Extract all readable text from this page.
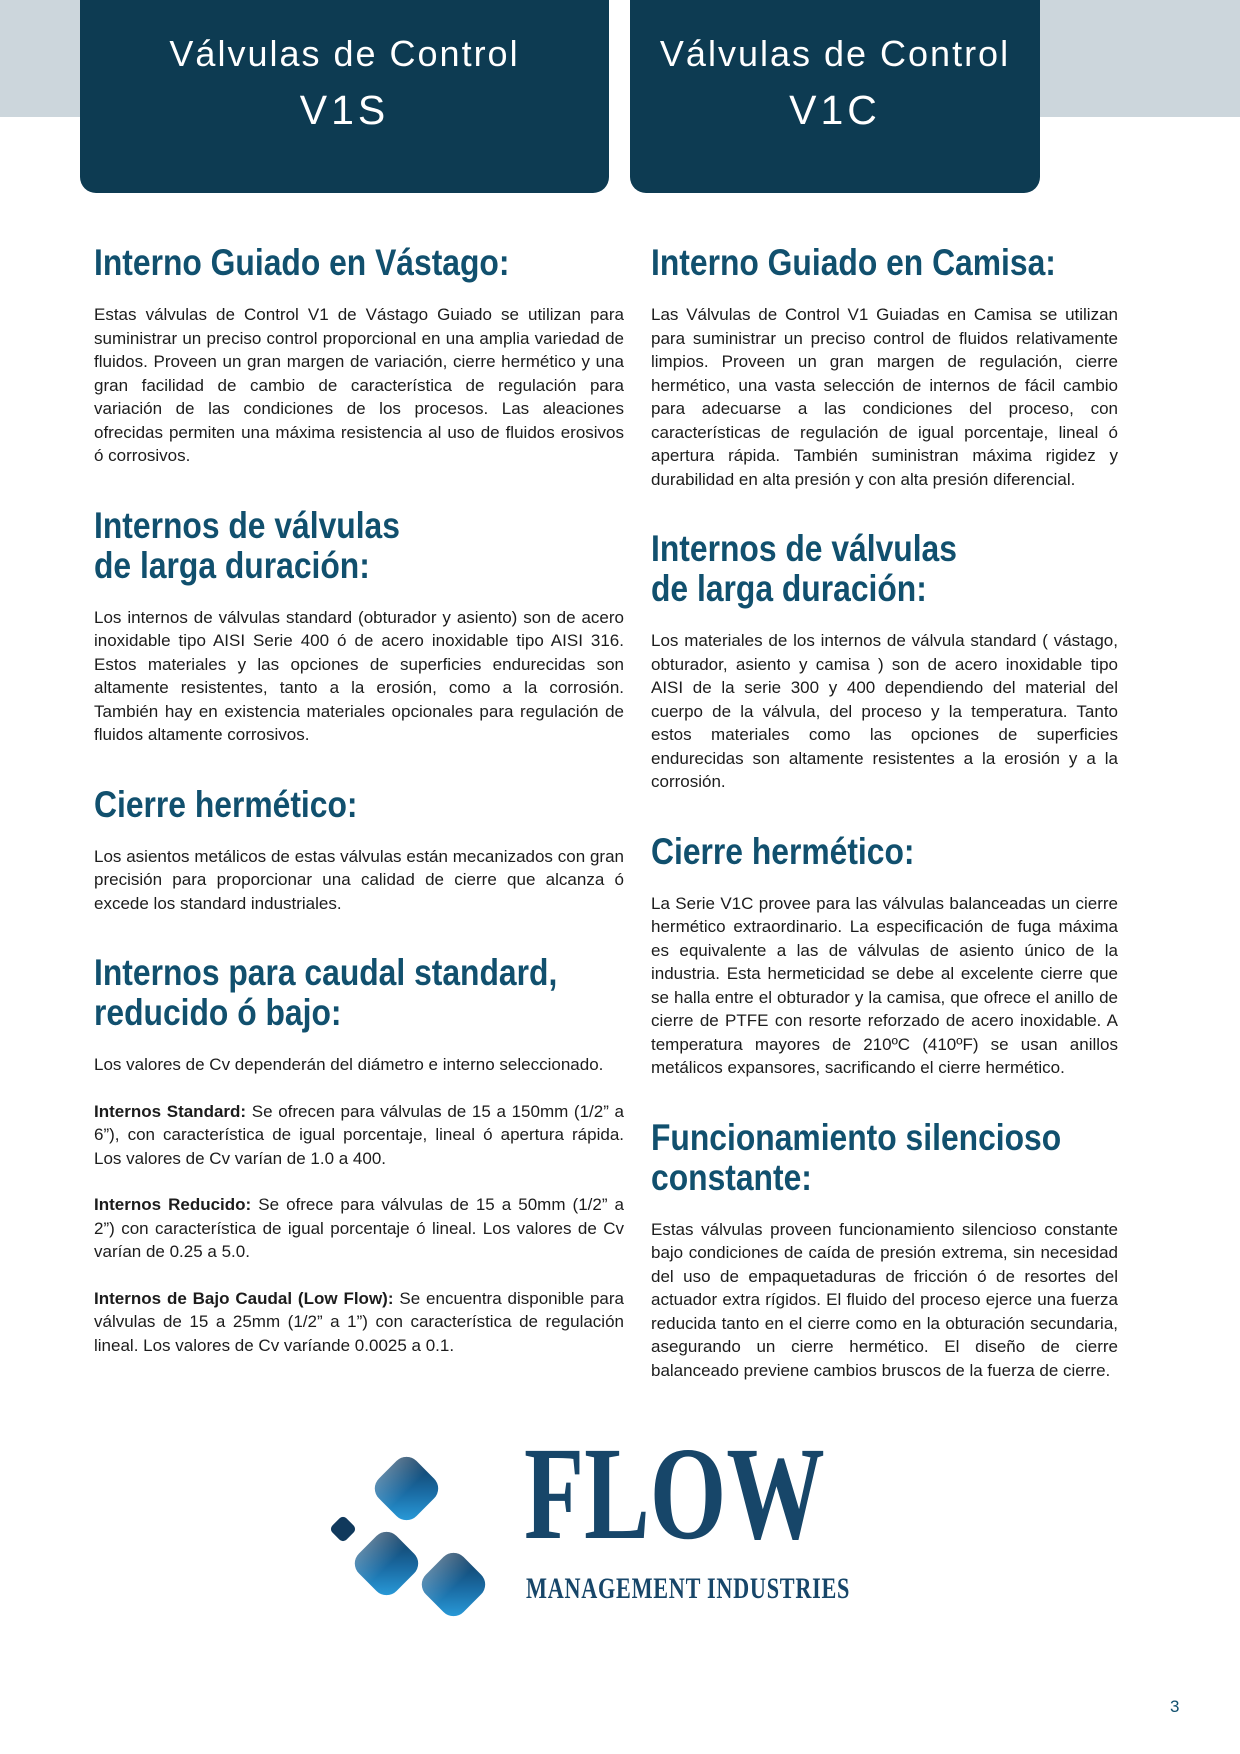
Válvulas de Control
V1S
Válvulas de Control
V1C
Interno Guiado en Vástago:

Estas válvulas de Control V1 de Vástago Guiado se utilizan para suministrar un preciso control proporcional en una amplia variedad de fluidos. Proveen un gran margen de variación, cierre hermético y una gran facilidad de cambio de característica de regulación para variación de las condiciones de los procesos. Las aleaciones ofrecidas permiten una máxima resistencia al uso de fluidos erosivos ó corrosivos.

Internos de válvulas
de larga duración:

Los internos de válvulas standard (obturador y asiento) son de acero inoxidable tipo AISI Serie 400 ó de acero inoxidable tipo AISI 316. Estos materiales y las opciones de superficies endurecidas son altamente resistentes, tanto a la erosión, como a la corrosión. También hay en existencia materiales opcionales para regulación de fluidos altamente corrosivos.

Cierre hermético:

Los asientos metálicos de estas válvulas están mecanizados con gran precisión para proporcionar una calidad de cierre que alcanza ó excede los standard industriales.

Internos para caudal standard,
reducido ó bajo:

Los valores de Cv dependerán del diámetro e interno seleccionado.

Internos Standard: Se ofrecen para válvulas de 15 a 150mm (1/2” a 6”), con característica de igual porcentaje, lineal ó apertura rápida. Los valores de Cv varían de 1.0 a 400.

Internos Reducido: Se ofrece para válvulas de 15 a 50mm (1/2” a 2”) con característica de igual porcentaje ó lineal. Los valores de Cv varían de 0.25 a 5.0.

Internos de Bajo Caudal (Low Flow): Se encuentra disponible para válvulas de 15 a 25mm (1/2” a 1”) con característica de regulación lineal. Los valores de Cv varíande 0.0025 a 0.1.

Interno Guiado en Camisa:

Las Válvulas de Control V1 Guiadas en Camisa se utilizan para suministrar un preciso control de fluidos relativamente limpios. Proveen un gran margen de regulación, cierre hermético, una vasta selección de internos de fácil cambio para adecuarse a las condiciones del proceso, con características de regulación de igual porcentaje, lineal ó apertura rápida. También suministran máxima rigidez y durabilidad en alta presión y con alta presión diferencial.

Internos de válvulas
de larga duración:

Los materiales de los internos de válvula standard ( vástago, obturador, asiento y camisa ) son de acero inoxidable tipo AISI de la serie 300 y 400 dependiendo del material del cuerpo de la válvula, del proceso y la temperatura. Tanto estos materiales como las opciones de superficies endurecidas son altamente resistentes a la erosión y a la corrosión.

Cierre hermético:

La Serie V1C provee para las válvulas balanceadas un cierre hermético extraordinario. La especificación de fuga máxima es equivalente a las de válvulas de asiento único de la industria. Esta hermeticidad se debe al excelente cierre que se halla entre el obturador y la camisa, que ofrece el anillo de cierre de PTFE con resorte reforzado de acero inoxidable. A temperatura mayores de 210ºC (410ºF) se usan anillos metálicos expansores, sacrificando el cierre hermético.

Funcionamiento silencioso
constante:

Estas válvulas proveen funcionamiento silencioso constante bajo condiciones de caída de presión extrema, sin necesidad del uso de empaquetaduras de fricción ó de resortes del actuador extra rígidos. El fluido del proceso ejerce una fuerza reducida tanto en el cierre como en la obturación secundaria, asegurando un cierre hermético. El diseño de cierre balanceado previene cambios bruscos de la fuerza de cierre.

FLOW
MANAGEMENT INDUSTRIES
3
